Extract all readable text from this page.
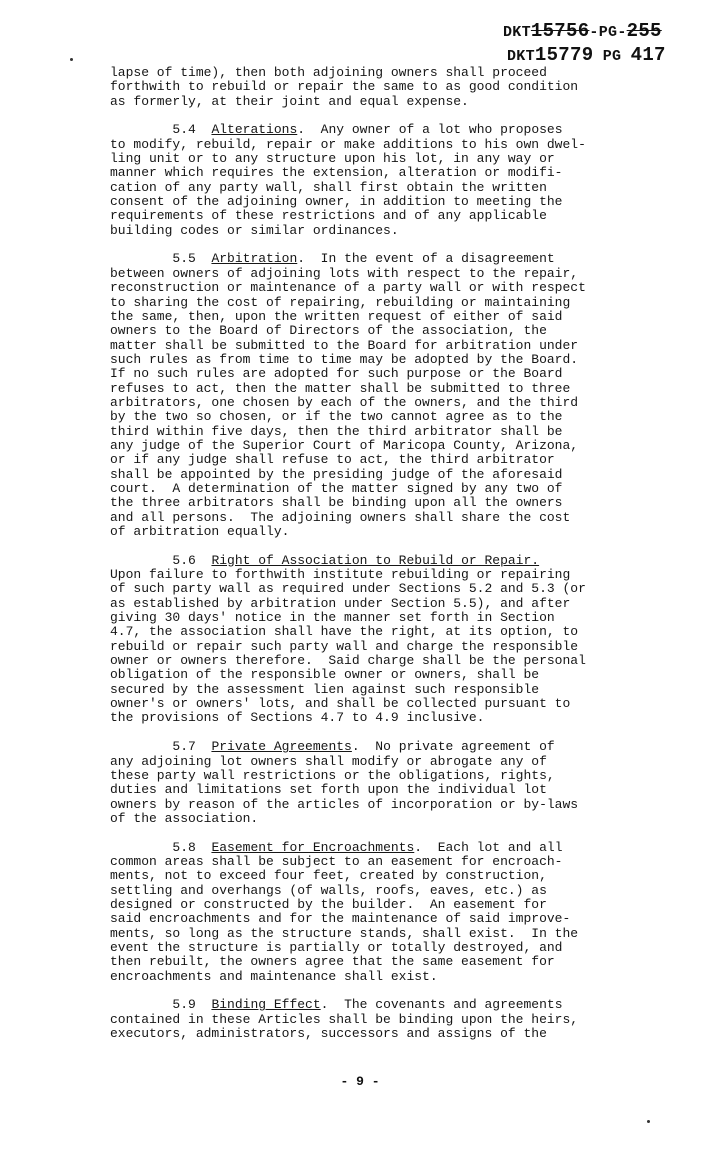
DKT15756-PG-255
DKT15779 PG 417
lapse of time), then both adjoining owners shall proceed
forthwith to rebuild or repair the same to as good condition
as formerly, at their joint and equal expense.
5.4 Alterations.  Any owner of a lot who proposes
to modify, rebuild, repair or make additions to his own dwel-
ling unit or to any structure upon his lot, in any way or
manner which requires the extension, alteration or modifi-
cation of any party wall, shall first obtain the written
consent of the adjoining owner, in addition to meeting the
requirements of these restrictions and of any applicable
building codes or similar ordinances.
5.5 Arbitration.  In the event of a disagreement
between owners of adjoining lots with respect to the repair,
reconstruction or maintenance of a party wall or with respect
to sharing the cost of repairing, rebuilding or maintaining
the same, then, upon the written request of either of said
owners to the Board of Directors of the association, the
matter shall be submitted to the Board for arbitration under
such rules as from time to time may be adopted by the Board.
If no such rules are adopted for such purpose or the Board
refuses to act, then the matter shall be submitted to three
arbitrators, one chosen by each of the owners, and the third
by the two so chosen, or if the two cannot agree as to the
third within five days, then the third arbitrator shall be
any judge of the Superior Court of Maricopa County, Arizona,
or if any judge shall refuse to act, the third arbitrator
shall be appointed by the presiding judge of the aforesaid
court.  A determination of the matter signed by any two of
the three arbitrators shall be binding upon all the owners
and all persons.  The adjoining owners shall share the cost
of arbitration equally.
5.6 Right of Association to Rebuild or Repair.
Upon failure to forthwith institute rebuilding or repairing
of such party wall as required under Sections 5.2 and 5.3 (or
as established by arbitration under Section 5.5), and after
giving 30 days' notice in the manner set forth in Section
4.7, the association shall have the right, at its option, to
rebuild or repair such party wall and charge the responsible
owner or owners therefore.  Said charge shall be the personal
obligation of the responsible owner or owners, shall be
secured by the assessment lien against such responsible
owner's or owners' lots, and shall be collected pursuant to
the provisions of Sections 4.7 to 4.9 inclusive.
5.7 Private Agreements.  No private agreement of
any adjoining lot owners shall modify or abrogate any of
these party wall restrictions or the obligations, rights,
duties and limitations set forth upon the individual lot
owners by reason of the articles of incorporation or by-laws
of the association.
5.8 Easement for Encroachments.  Each lot and all
common areas shall be subject to an easement for encroach-
ments, not to exceed four feet, created by construction,
settling and overhangs (of walls, roofs, eaves, etc.) as
designed or constructed by the builder.  An easement for
said encroachments and for the maintenance of said improve-
ments, so long as the structure stands, shall exist.  In the
event the structure is partially or totally destroyed, and
then rebuilt, the owners agree that the same easement for
encroachments and maintenance shall exist.
5.9 Binding Effect.  The covenants and agreements
contained in these Articles shall be binding upon the heirs,
executors, administrators, successors and assigns of the
- 9 -
